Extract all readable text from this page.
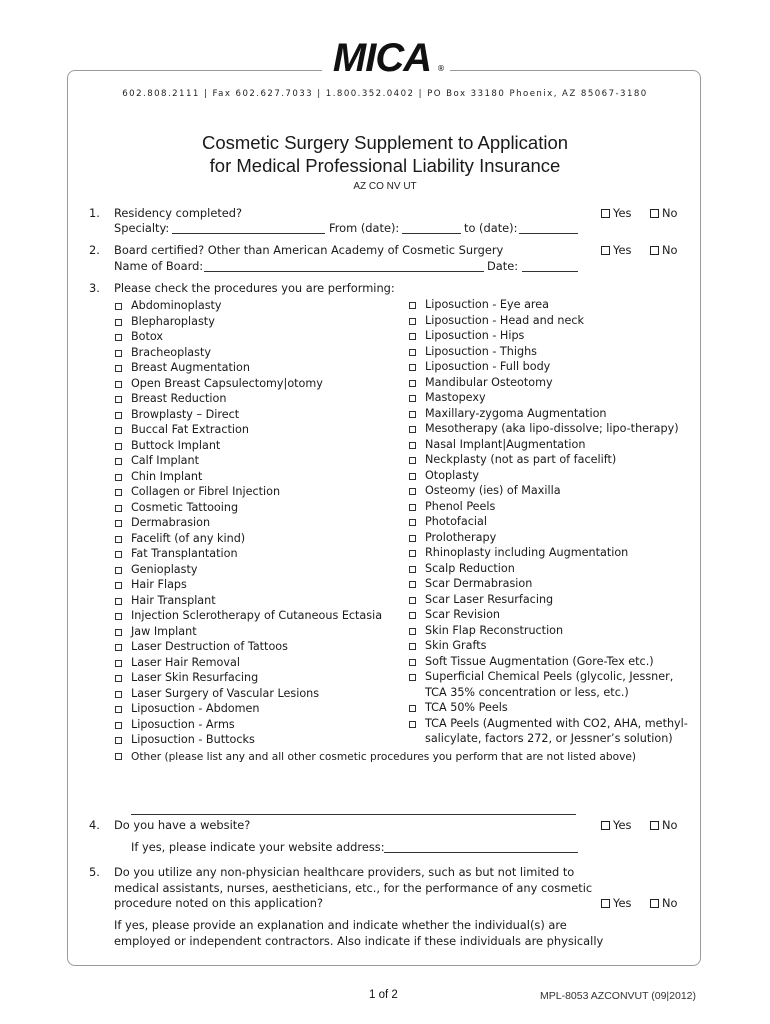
MICA ®
602.808.2111 | Fax 602.627.7033 | 1.800.352.0402 | PO Box 33180 Phoenix, AZ 85067-3180
Cosmetic Surgery Supplement to Application
for Medical Professional Liability Insurance
AZ CO NV UT
1. Residency completed?	Yes	No
Specialty:	From (date):	to (date):
2. Board certified? Other than American Academy of Cosmetic Surgery	Yes	No
Name of Board:	Date:
3. Please check the procedures you are performing:
Abdominoplasty
Blepharoplasty
Botox
Bracheoplasty
Breast Augmentation
Open Breast Capsulectomy|otomy
Breast Reduction
Browplasty – Direct
Buccal Fat Extraction
Buttock Implant
Calf Implant
Chin Implant
Collagen or Fibrel Injection
Cosmetic Tattooing
Dermabrasion
Facelift (of any kind)
Fat Transplantation
Genioplasty
Hair Flaps
Hair Transplant
Injection Sclerotherapy of Cutaneous Ectasia
Jaw Implant
Laser Destruction of Tattoos
Laser Hair Removal
Laser Skin Resurfacing
Laser Surgery of Vascular Lesions
Liposuction - Abdomen
Liposuction - Arms
Liposuction - Buttocks
Liposuction - Eye area
Liposuction - Head and neck
Liposuction - Hips
Liposuction - Thighs
Liposuction - Full body
Mandibular Osteotomy
Mastopexy
Maxillary-zygoma Augmentation
Mesotherapy (aka lipo-dissolve; lipo-therapy)
Nasal Implant|Augmentation
Neckplasty (not as part of facelift)
Otoplasty
Osteomy (ies) of Maxilla
Phenol Peels
Photofacial
Prolotherapy
Rhinoplasty including Augmentation
Scalp Reduction
Scar Dermabrasion
Scar Laser Resurfacing
Scar Revision
Skin Flap Reconstruction
Skin Grafts
Soft Tissue Augmentation (Gore-Tex etc.)
Superficial Chemical Peels (glycolic, Jessner,
TCA 35% concentration or less, etc.)
TCA 50% Peels
TCA Peels (Augmented with CO2, AHA, methyl-
salicylate, factors 272, or Jessner’s solution)
Other (please list any and all other cosmetic procedures you perform that are not listed above)
4. Do you have a website?	Yes	No
If yes, please indicate your website address:
5. Do you utilize any non-physician healthcare providers, such as but not limited to
medical assistants, nurses, aestheticians, etc., for the performance of any cosmetic
procedure noted on this application?	Yes	No
If yes, please provide an explanation and indicate whether the individual(s) are
employed or independent contractors. Also indicate if these individuals are physically
1 of 2	MPL-8053 AZCONVUT (09|2012)
